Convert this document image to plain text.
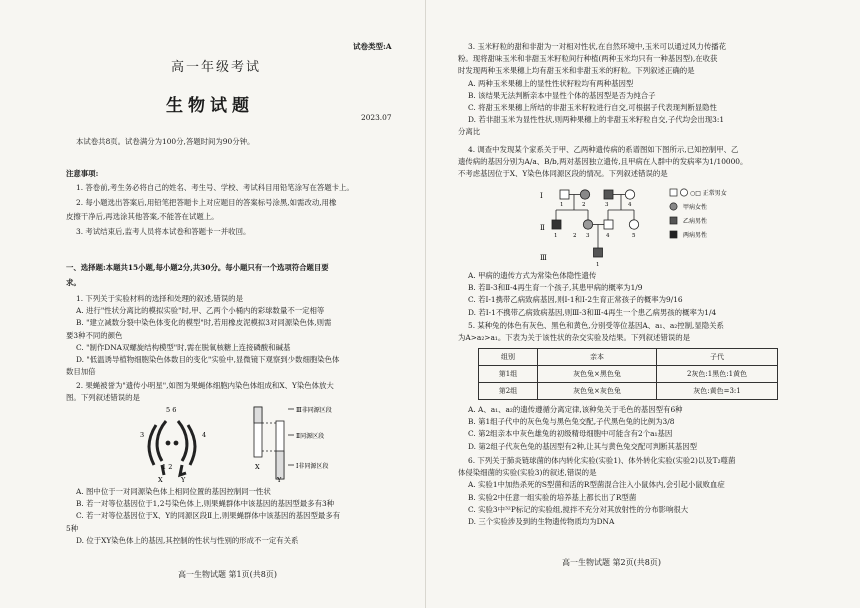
试卷类型:A

高一年级考试

生物试题

2023.07

本试卷共8页。试卷满分为100分,答题时间为90分钟。

注意事项:

1. 答卷前,考生务必将自己的姓名、考生号、学校、考试科目用铅笔涂写在答题卡上。

2. 每小题选出答案后,用铅笔把答题卡上对应题目的答案标号涂黑,如需改动,用橡

皮擦干净后,再选涂其他答案,不能答在试题上。

3. 考试结束后,监考人员将本试卷和答题卡一并收回。

一、选择题:本题共15小题,每小题2分,共30分。每小题只有一个选项符合题目要

求。

1. 下列关于实验材料的选择和处理的叙述,错误的是

A. 进行"性状分离比的模拟实验"时,甲、乙两个小桶内的彩球数量不一定相等

B. "建立减数分裂中染色体变化的模型"时,若用橡皮泥模拟3对同源染色体,则需

要3种不同的颜色

C. "制作DNA双螺旋结构模型"时,需在脱氧核糖上连接磷酸和碱基

D. "低温诱导植物细胞染色体数目的变化"实验中,显微镜下观察到少数细胞染色体

数目加倍

2. 果蝇被誉为"遗传小明星",如图为果蝇体细胞内染色体组成和X、Y染色体放大

图。下列叙述错误的是

5 6
3	4
1 2
X	Y
Ⅲ非同源区段
Ⅱ同源区段
Ⅰ非同源区段
X
Y

A. 图中位于一对同源染色体上相同位置的基因控制同一性状

B. 若一对等位基因位于1,2号染色体上,则果蝇群体中该基因的基因型最多有3种

C. 若一对等位基因位于X、Y的同源区段Ⅱ上,则果蝇群体中该基因的基因型最多有

5种

D. 位于XY染色体上的基因,其控制的性状与性别的形成不一定有关系

高一生物试题 第1页(共8页)

3. 玉米籽粒的甜和非甜为一对相对性状,在自然环境中,玉米可以通过风力传播花

粉。现将甜味玉米和非甜玉米籽粒间行种植(两种玉米均只有一种基因型),在收获

时发现两种玉米果穗上均有甜玉米和非甜玉米的籽粒。下列叙述正确的是

A. 两种玉米果穗上的显性性状籽粒均有两种基因型

B. 该结果无法判断亲本中显性个体的基因型是否为纯合子

C. 将甜玉米果穗上所结的非甜玉米籽粒进行自交,可根据子代表现判断显隐性

D. 若非甜玉米为显性性状,则两种果穗上的非甜玉米籽粒自交,子代均会出现3:1

分离比

4. 调查中发现某个家系关于甲、乙两种遗传病的系谱图如下图所示,已知控制甲、乙

遗传病的基因分别为A/a、B/b,两对基因独立遗传,且甲病在人群中的发病率为1/10000。

不考虑基因位于X、Y染色体同源区段的情况。下列叙述错误的是

Ⅰ
Ⅱ
Ⅲ
1	2	3	4
1	2 3	4	5
1
○□ 正常男女
甲病女性
乙病男性
两病男性

A. 甲病的遗传方式为常染色体隐性遗传

B. 若Ⅱ-3和Ⅱ-4再生育一个孩子,其患甲病的概率为1/9

C. 若Ⅰ-1携带乙病致病基因,则Ⅰ-1和Ⅰ-2生育正常孩子的概率为9/16

D. 若Ⅰ-1不携带乙病致病基因,则Ⅲ-3和Ⅲ-4再生一个患乙病男孩的概率为1/4

5. 某种兔的体色有灰色、黑色和黄色,分别受等位基因A、a₁、a₂控制,显隐关系

为A>a₂>a₁。下表为关于该性状的杂交实验及结果。下列叙述错误的是

组别	亲本	子代
第1组	灰色兔×黑色兔	2灰色:1黑色:1黄色
第2组	灰色兔×灰色兔	灰色:黄色=3:1

A. A、a₁、a₂的遗传遵循分离定律,该种兔关于毛色的基因型有6种

B. 第1组子代中的灰色兔与黑色兔交配,子代黑色兔的比例为3/8

C. 第2组亲本中灰色雄兔的初级精母细胞中可能含有2个a₁基因

D. 第2组子代灰色兔的基因型有2种,让其与黄色兔交配可判断其基因型

6. 下列关于肺炎链球菌的体内转化实验(实验1)、体外转化实验(实验2)以及T₂噬菌

体侵染细菌的实验(实验3)的叙述,错误的是

A. 实验1中加热杀死的S型菌和活的R型菌混合注入小鼠体内,会引起小鼠败血症

B. 实验2中任意一组实验的培养基上都长出了R型菌

C. 实验3中³²P标记的实验组,搅拌不充分对其放射性的分布影响很大

D. 三个实验涉及到的生物遗传物质均为DNA

高一生物试题 第2页(共8页)
